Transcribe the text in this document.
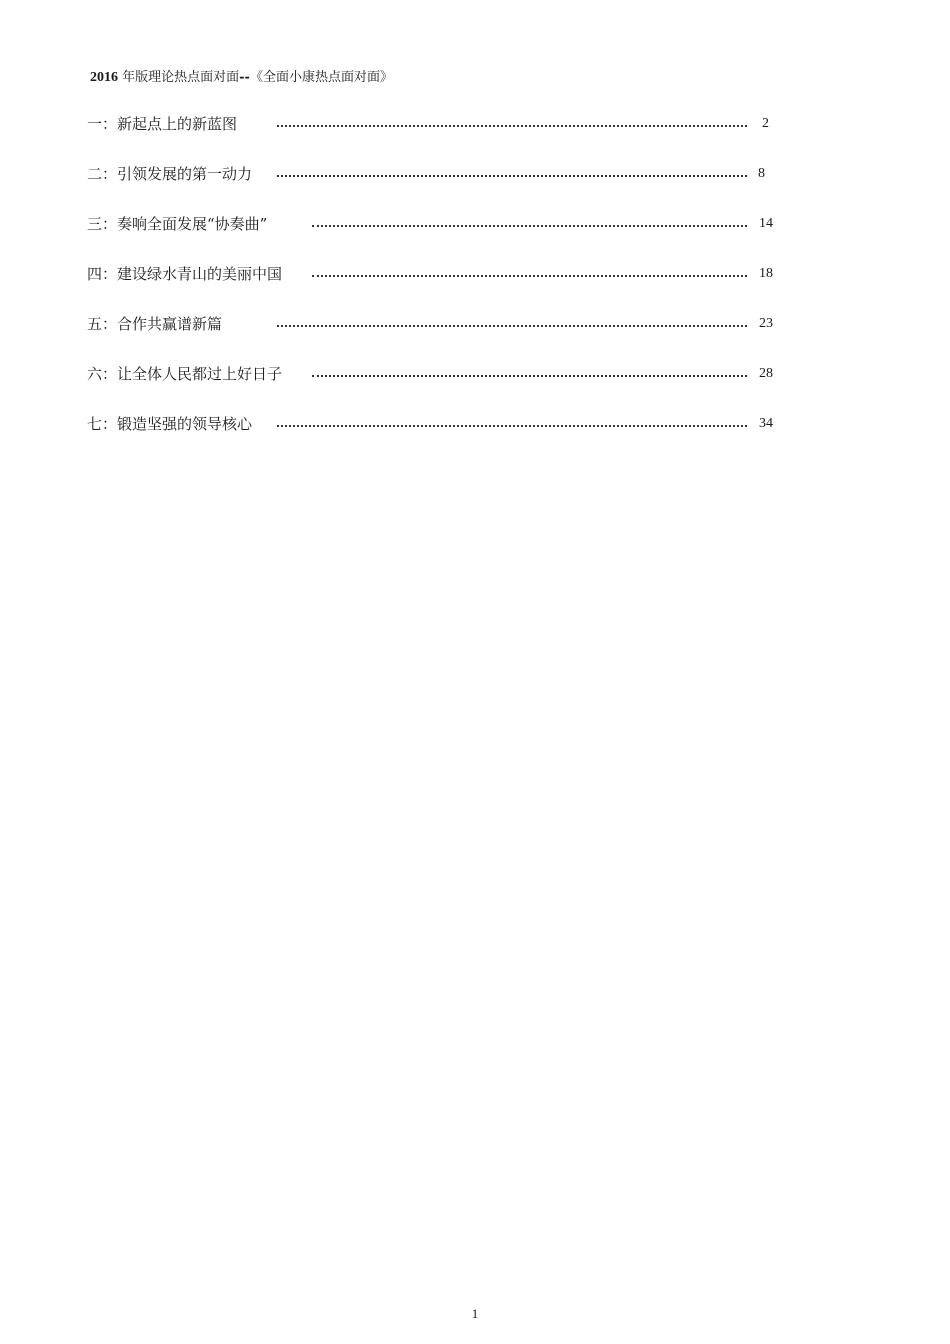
2016 年版理论热点面对面--《全面小康热点面对面》
一：新起点上的新蓝图	2
二：引领发展的第一动力	8
三：奏响全面发展“协奏曲”	14
四：建设绿水青山的美丽中国	18
五：合作共赢谱新篇	23
六：让全体人民都过上好日子	28
七：锻造坚强的领导核心	34
1
